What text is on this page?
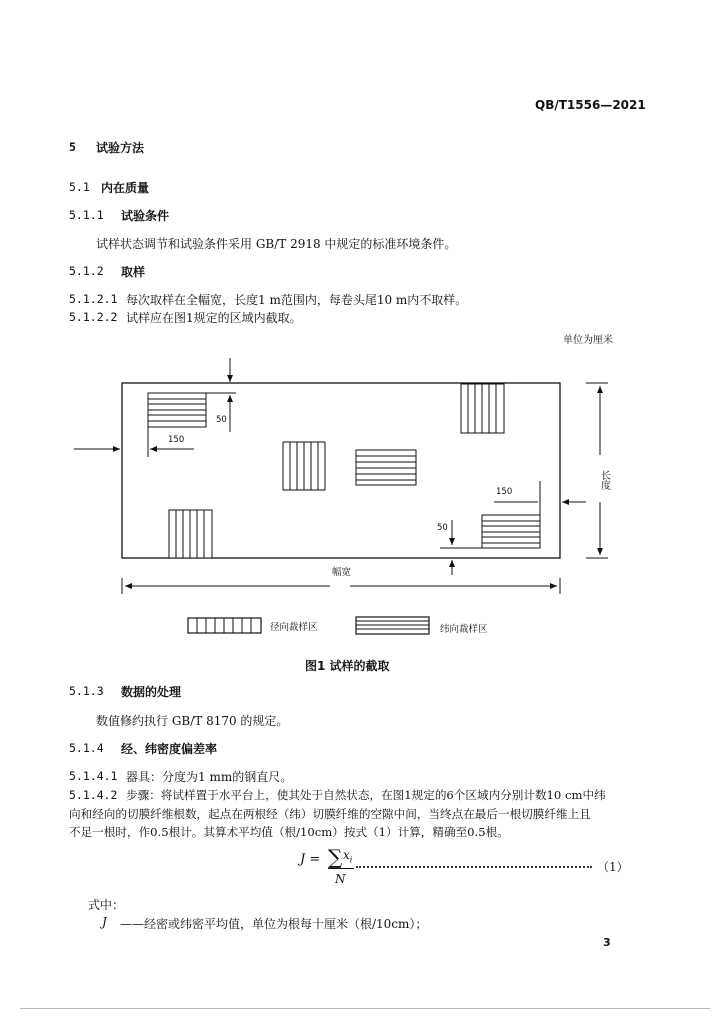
QB/T1556—2021
5 试验方法
5.1 内在质量
5.1.1 试验条件
试样状态调节和试验条件采用 GB/T 2918 中规定的标准环境条件。
5.1.2 取样
5.1.2.1 每次取样在全幅宽，长度1 m范围内，每卷头尾10 m内不取样。
5.1.2.2 试样应在图1规定的区域内截取。
单位为厘米
50
150
150
50
长度
幅宽
径向裁样区	纬向裁样区
图1 试样的截取
5.1.3 数据的处理
数值修约执行 GB/T 8170 的规定。
5.1.4 经、纬密度偏差率
5.1.4.1 器具：分度为1 mm的钢直尺。
5.1.4.2 步骤：将试样置于水平台上，使其处于自然状态，在图1规定的6个区域内分别计数10 cm中纬
向和经向的切膜纤维根数，起点在两根经（纬）切膜纤维的空隙中间，当终点在最后一根切膜纤维上且
不足一根时，作0.5根计。其算术平均值（根/10cm）按式（1）计算，精确至0.5根。
J = ∑ $x_i$
N
（1）
式中：
J ——经密或纬密平均值，单位为根每十厘米（根/10cm）；
3
